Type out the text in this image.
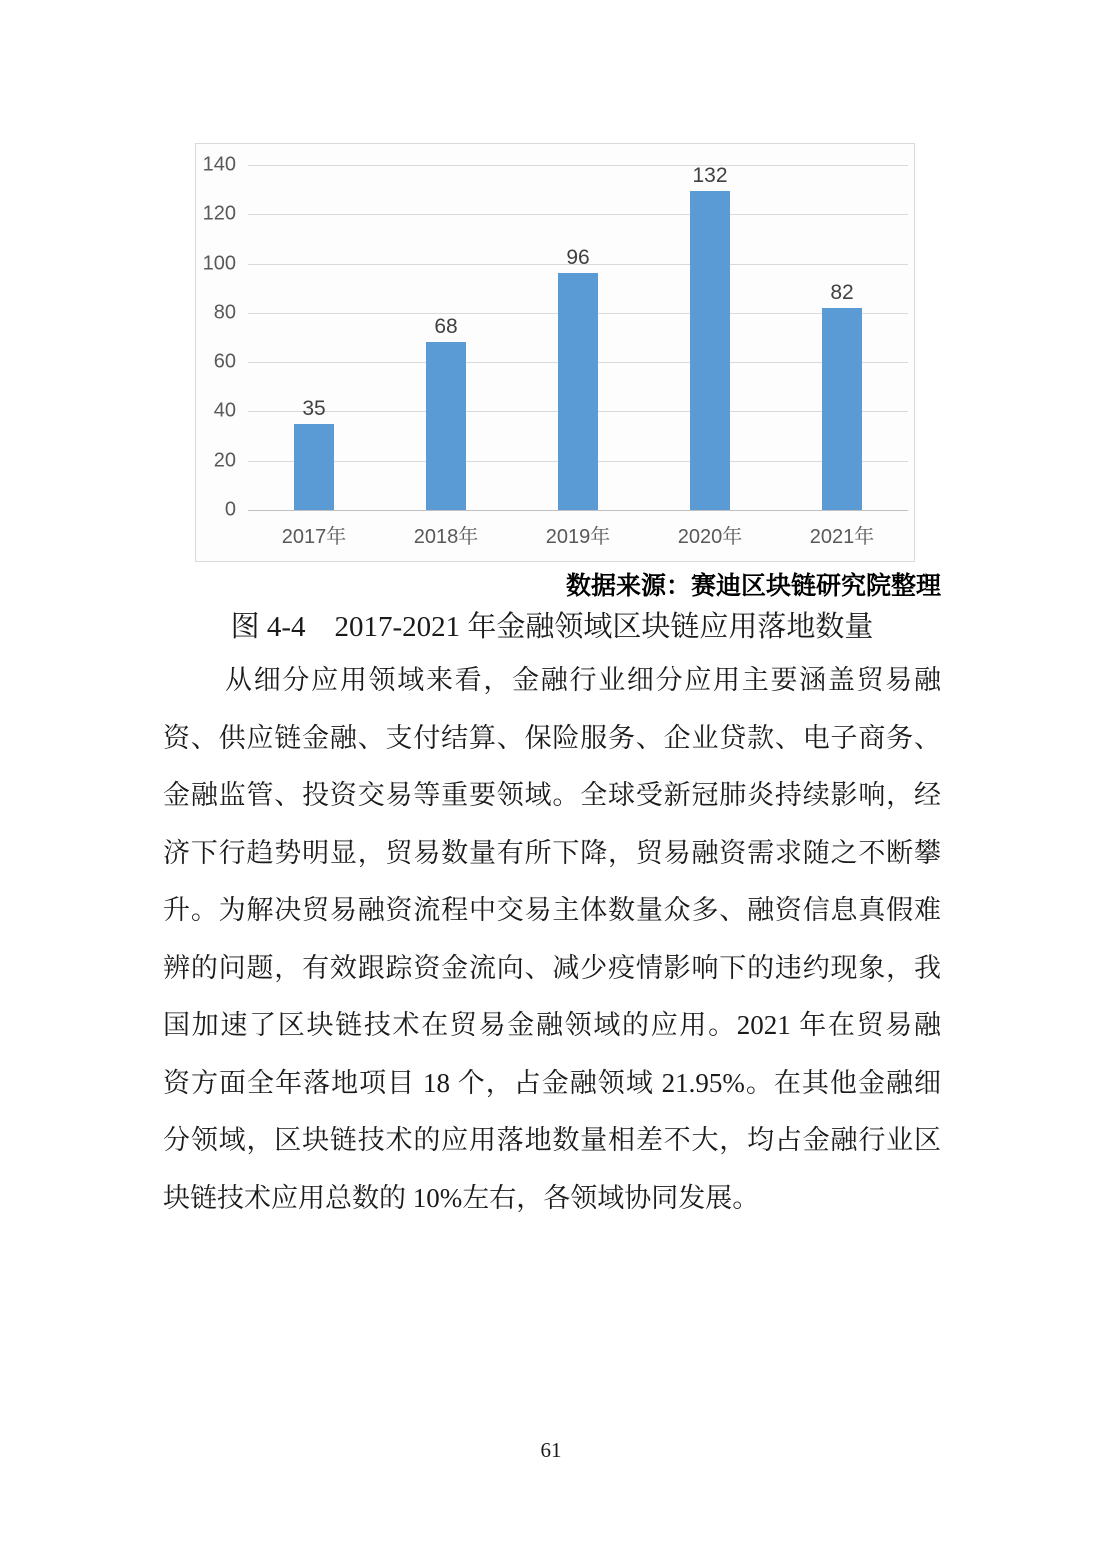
0
20
40
60
80
100
120
140
35
68
96
132
82
2017年	2018年	2019年	2020年	2021年
数据来源：赛迪区块链研究院整理
图 4-4　2017-2021 年金融领域区块链应用落地数量
从细分应用领域来看，金融行业细分应用主要涵盖贸易融
资、供应链金融、支付结算、保险服务、企业贷款、电子商务、
金融监管、投资交易等重要领域。全球受新冠肺炎持续影响，经
济下行趋势明显，贸易数量有所下降，贸易融资需求随之不断攀
升。为解决贸易融资流程中交易主体数量众多、融资信息真假难
辨的问题，有效跟踪资金流向、减少疫情影响下的违约现象，我
国加速了区块链技术在贸易金融领域的应用。2021 年在贸易融
资方面全年落地项目 18 个，占金融领域 21.95%。在其他金融细
分领域，区块链技术的应用落地数量相差不大，均占金融行业区
块链技术应用总数的 10%左右，各领域协同发展。
61
